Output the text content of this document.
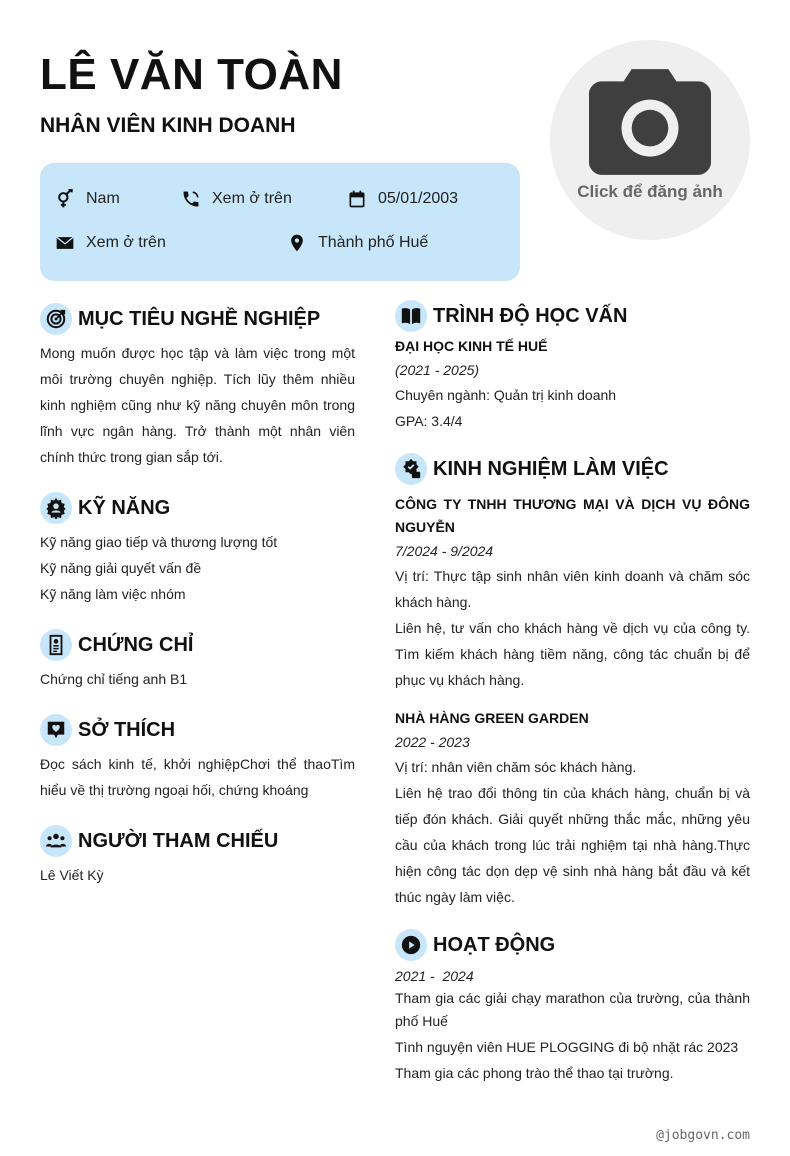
LÊ VĂN TOÀN
NHÂN VIÊN KINH DOANH
Nam	Xem ở trên	05/01/2003
Xem ở trên	Thành phố Huế
Click để đăng ảnh
MỤC TIÊU NGHỀ NGHIỆP
Mong muốn được học tập và làm việc trong một môi trường chuyên nghiệp. Tích lũy thêm nhiều kinh nghiệm cũng như kỹ năng chuyên môn trong lĩnh vực ngân hàng. Trở thành một nhân viên chính thức trong gian sắp tới.
KỸ NĂNG
Kỹ năng giao tiếp và thương lượng tốt
Kỹ năng giải quyết vấn đề
Kỹ năng làm việc nhóm
CHỨNG CHỈ
Chứng chỉ tiếng anh B1
SỞ THÍCH
Đọc sách kinh tế, khởi nghiệpChơi thể thaoTìm hiểu về thị trường ngoại hối, chứng khoáng
NGƯỜI THAM CHIẾU
Lê Viết Kỳ
TRÌNH ĐỘ HỌC VẤN
ĐẠI HỌC KINH TẾ HUẾ
(2021 - 2025)
Chuyên ngành: Quản trị kinh doanh
GPA: 3.4/4
KINH NGHIỆM LÀM VIỆC
CÔNG TY TNHH THƯƠNG MẠI VÀ DỊCH VỤ ĐÔNG NGUYỄN
7/2024 - 9/2024
Vị trí: Thực tập sinh nhân viên kinh doanh và chăm sóc khách hàng.
Liên hệ, tư vấn cho khách hàng về dịch vụ của công ty. Tìm kiếm khách hàng tiềm năng, công tác chuẩn bị để phục vụ khách hàng.
NHÀ HÀNG GREEN GARDEN
2022 - 2023
Vị trí: nhân viên chăm sóc khách hàng.
Liên hệ trao đổi thông tin của khách hàng, chuẩn bị và tiếp đón khách. Giải quyết những thắc mắc, những yêu cầu của khách trong lúc trải nghiệm tại nhà hàng.Thực hiện công tác dọn dẹp vệ sinh nhà hàng bắt đầu và kết thúc ngày làm việc.
HOẠT ĐỘNG
2021 -  2024
Tham gia các giải chạy marathon của trường, của thành phố Huế
Tình nguyện viên HUE PLOGGING đi bộ nhặt rác 2023
Tham gia các phong trào thể thao tại trường.
@jobgovn.com
